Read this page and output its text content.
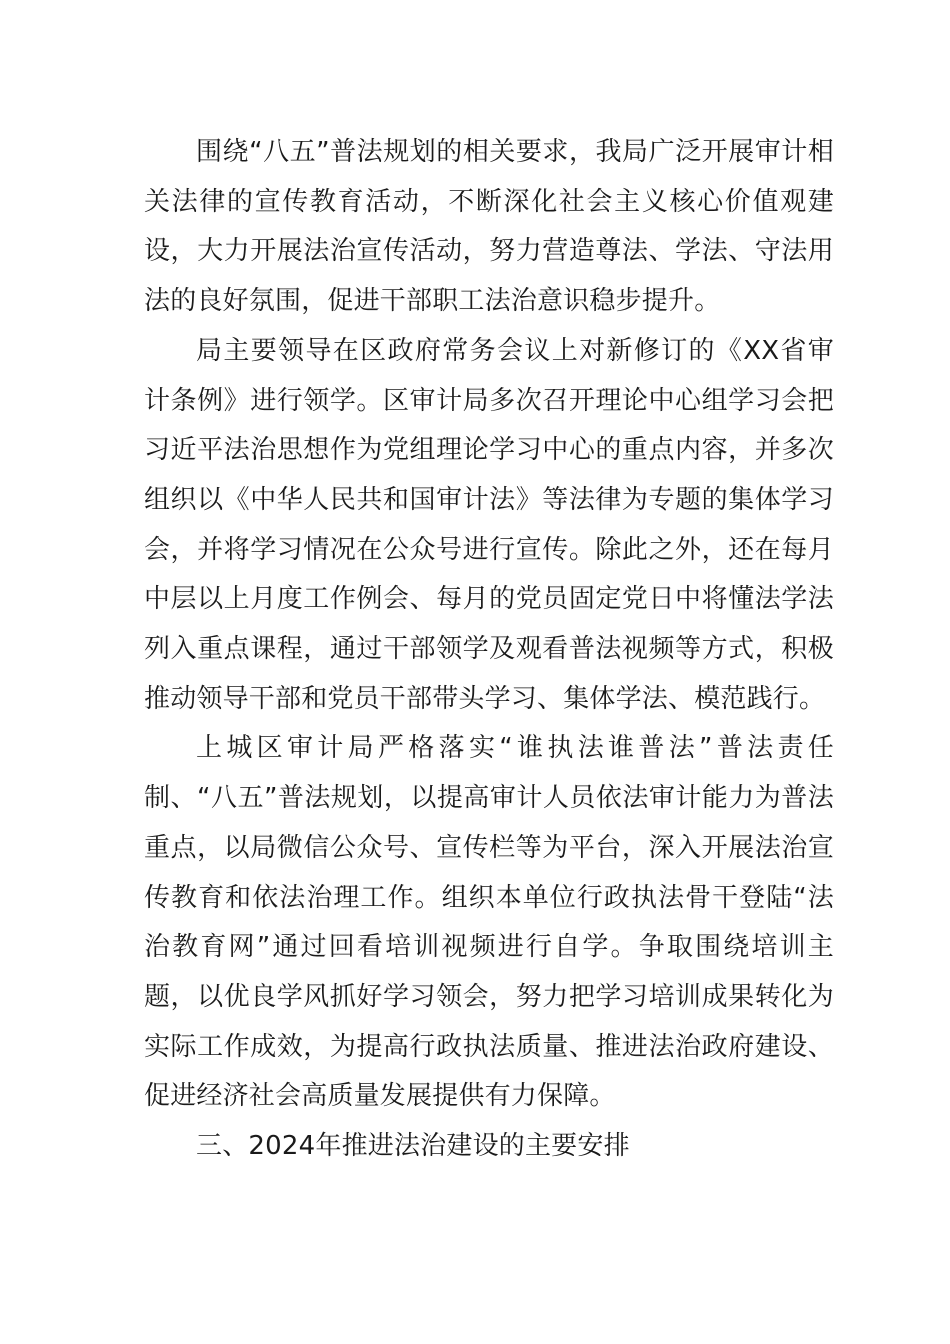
围绕“八五”普法规划的相关要求，我局广泛开展审计相关法律的宣传教育活动，不断深化社会主义核心价值观建设，大力开展法治宣传活动，努力营造尊法、学法、守法用法的良好氛围，促进干部职工法治意识稳步提升。

局主要领导在区政府常务会议上对新修订的《XX省审计条例》进行领学。区审计局多次召开理论中心组学习会把习近平法治思想作为党组理论学习中心的重点内容，并多次组织以《中华人民共和国审计法》等法律为专题的集体学习会，并将学习情况在公众号进行宣传。除此之外，还在每月中层以上月度工作例会、每月的党员固定党日中将懂法学法列入重点课程，通过干部领学及观看普法视频等方式，积极推动领导干部和党员干部带头学习、集体学法、模范践行。

上城区审计局严格落实“谁执法谁普法”普法责任制、“八五”普法规划，以提高审计人员依法审计能力为普法重点，以局微信公众号、宣传栏等为平台，深入开展法治宣传教育和依法治理工作。组织本单位行政执法骨干登陆“法治教育网”通过回看培训视频进行自学。争取围绕培训主题，以优良学风抓好学习领会，努力把学习培训成果转化为实际工作成效，为提高行政执法质量、推进法治政府建设、促进经济社会高质量发展提供有力保障。

三、2024年推进法治建设的主要安排
